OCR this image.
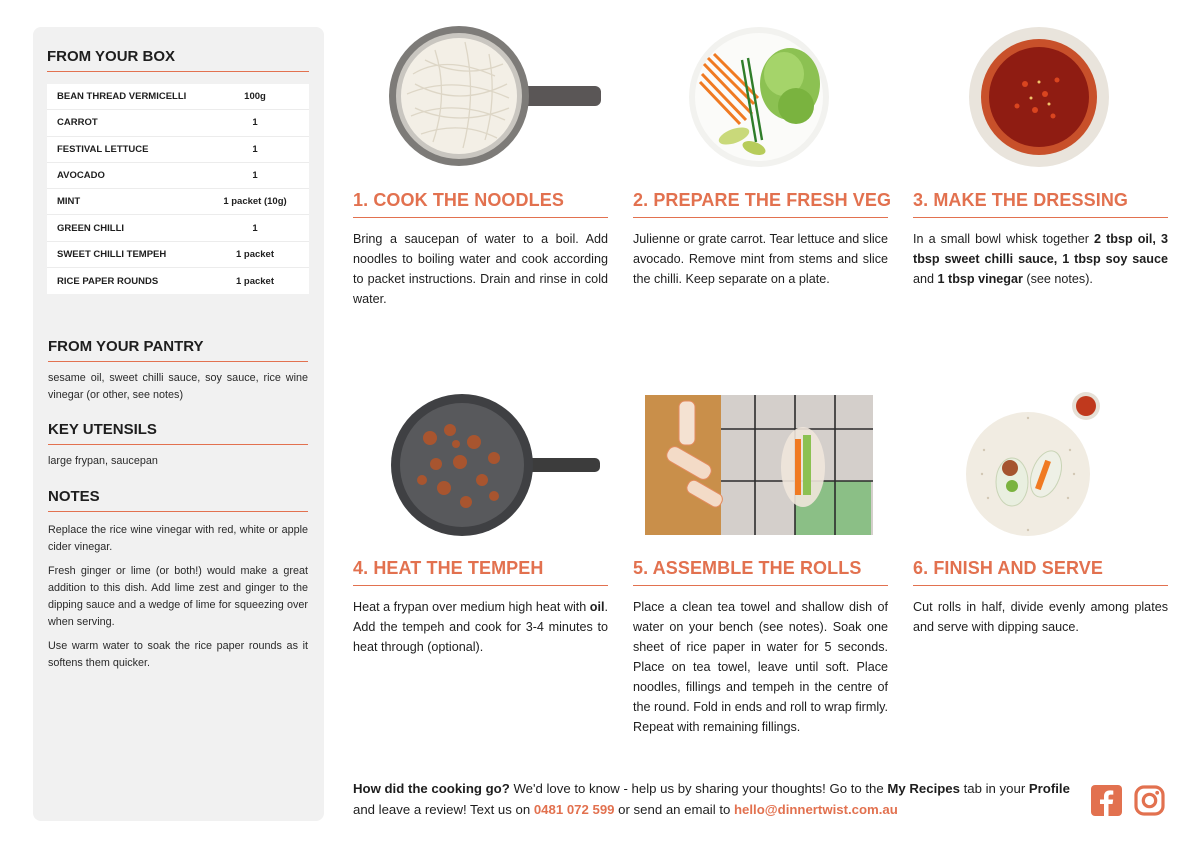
FROM YOUR BOX
BEAN THREAD VERMICELLI	100g
CARROT	1
FESTIVAL LETTUCE	1
AVOCADO	1
MINT	1 packet (10g)
GREEN CHILLI	1
SWEET CHILLI TEMPEH	1 packet
RICE PAPER ROUNDS	1 packet
FROM YOUR PANTRY
sesame oil, sweet chilli sauce, soy sauce, rice wine vinegar (or other, see notes)
KEY UTENSILS
large frypan, saucepan
NOTES

Replace the rice wine vinegar with red, white or apple cider vinegar.

Fresh ginger or lime (or both!) would make a great addition to this dish. Add lime zest and ginger to the dipping sauce and a wedge of lime for squeezing over when serving.

Use warm water to soak the rice paper rounds as it softens them quicker.

1. COOK THE NOODLES

Bring a saucepan of water to a boil. Add noodles to boiling water and cook according to packet instructions. Drain and rinse in cold water.

2. PREPARE THE FRESH VEG

Julienne or grate carrot. Tear lettuce and slice avocado. Remove mint from stems and slice the chilli. Keep separate on a plate.

3. MAKE THE DRESSING

In a small bowl whisk together 2 tbsp oil, 3 tbsp sweet chilli sauce, 1 tbsp soy sauce and 1 tbsp vinegar (see notes).

4. HEAT THE TEMPEH

Heat a frypan over medium high heat with oil. Add the tempeh and cook for 3-4 minutes to heat through (optional).

5. ASSEMBLE THE ROLLS

Place a clean tea towel and shallow dish of water on your bench (see notes). Soak one sheet of rice paper in water for 5 seconds. Place on tea towel, leave until soft. Place noodles, fillings and tempeh in the centre of the round. Fold in ends and roll to wrap firmly. Repeat with remaining fillings.

6. FINISH AND SERVE

Cut rolls in half, divide evenly among plates and serve with dipping sauce.

How did the cooking go? We'd love to know - help us by sharing your thoughts! Go to the My Recipes tab in your Profile and leave a review! Text us on 0481 072 599 or send an email to hello@dinnertwist.com.au
